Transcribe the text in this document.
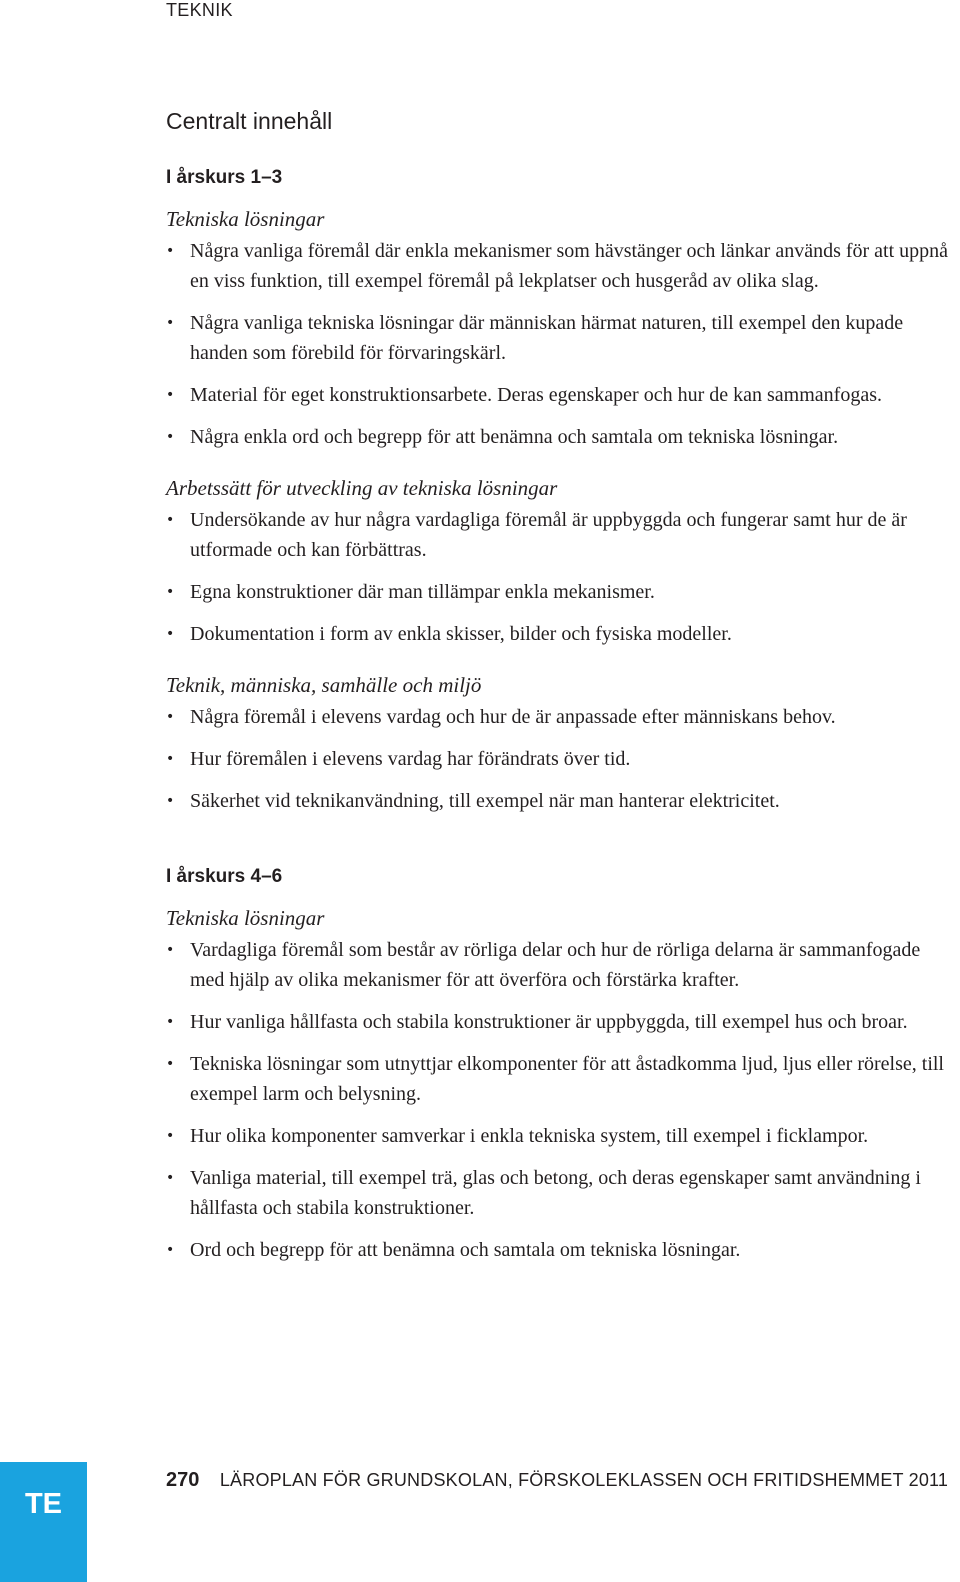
TEKNIK
Centralt innehåll
I årskurs 1–3
Tekniska lösningar
• Några vanliga föremål där enkla mekanismer som hävstänger och länkar används för att uppnå en viss funktion, till exempel föremål på lekplatser och husgeråd av olika slag.
• Några vanliga tekniska lösningar där människan härmat naturen, till exempel den kupade handen som förebild för förvaringskärl.
• Material för eget konstruktionsarbete. Deras egenskaper och hur de kan sammanfogas.
• Några enkla ord och begrepp för att benämna och samtala om tekniska lösningar.
Arbetssätt för utveckling av tekniska lösningar
• Undersökande av hur några vardagliga föremål är uppbyggda och fungerar samt hur de är utformade och kan förbättras.
• Egna konstruktioner där man tillämpar enkla mekanismer.
• Dokumentation i form av enkla skisser, bilder och fysiska modeller.
Teknik, människa, samhälle och miljö
• Några föremål i elevens vardag och hur de är anpassade efter människans behov.
• Hur föremålen i elevens vardag har förändrats över tid.
• Säkerhet vid teknikanvändning, till exempel när man hanterar elektricitet.
I årskurs 4–6
Tekniska lösningar
• Vardagliga föremål som består av rörliga delar och hur de rörliga delarna är sammanfogade med hjälp av olika mekanismer för att överföra och förstärka krafter.
• Hur vanliga hållfasta och stabila konstruktioner är uppbyggda, till exempel hus och broar.
• Tekniska lösningar som utnyttjar elkomponenter för att åstadkomma ljud, ljus eller rörelse, till exempel larm och belysning.
• Hur olika komponenter samverkar i enkla tekniska system, till exempel i ficklampor.
• Vanliga material, till exempel trä, glas och betong, och deras egenskaper samt användning i hållfasta och stabila konstruktioner.
• Ord och begrepp för att benämna och samtala om tekniska lösningar.
TE
270 LÄROPLAN FÖR GRUNDSKOLAN, FÖRSKOLEKLASSEN OCH FRITIDSHEMMET 2011
